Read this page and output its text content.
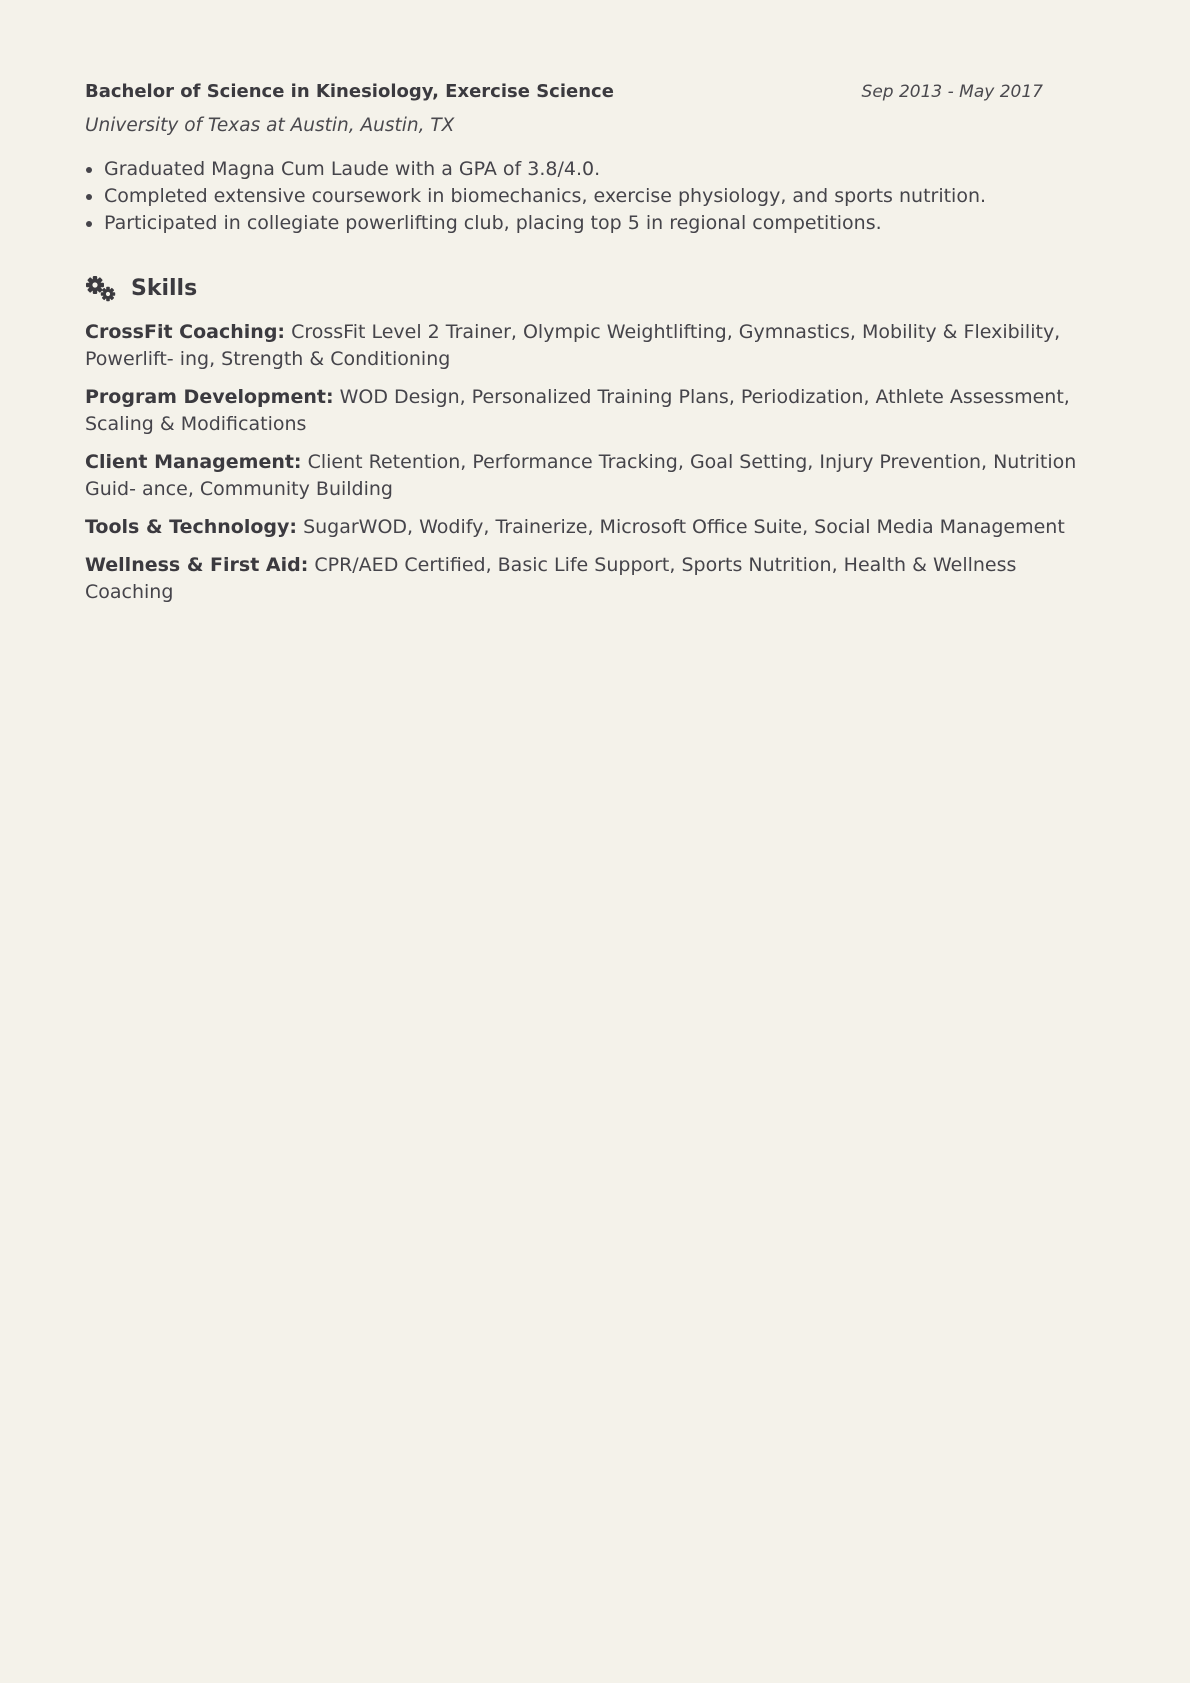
Bachelor of Science in Kinesiology, Exercise Science	Sep 2013 - May 2017
University of Texas at Austin, Austin, TX
• Graduated Magna Cum Laude with a GPA of 3.8/4.0.
• Completed extensive coursework in biomechanics, exercise physiology, and sports nutrition.
• Participated in collegiate powerlifting club, placing top 5 in regional competitions.
Skills
CrossFit Coaching: CrossFit Level 2 Trainer, Olympic Weightlifting, Gymnastics, Mobility & Flexibility, Powerlift- ing, Strength & Conditioning
Program Development: WOD Design, Personalized Training Plans, Periodization, Athlete Assessment, Scaling & Modifications
Client Management: Client Retention, Performance Tracking, Goal Setting, Injury Prevention, Nutrition Guid- ance, Community Building
Tools & Technology: SugarWOD, Wodify, Trainerize, Microsoft Office Suite, Social Media Management
Wellness & First Aid: CPR/AED Certified, Basic Life Support, Sports Nutrition, Health & Wellness Coaching
